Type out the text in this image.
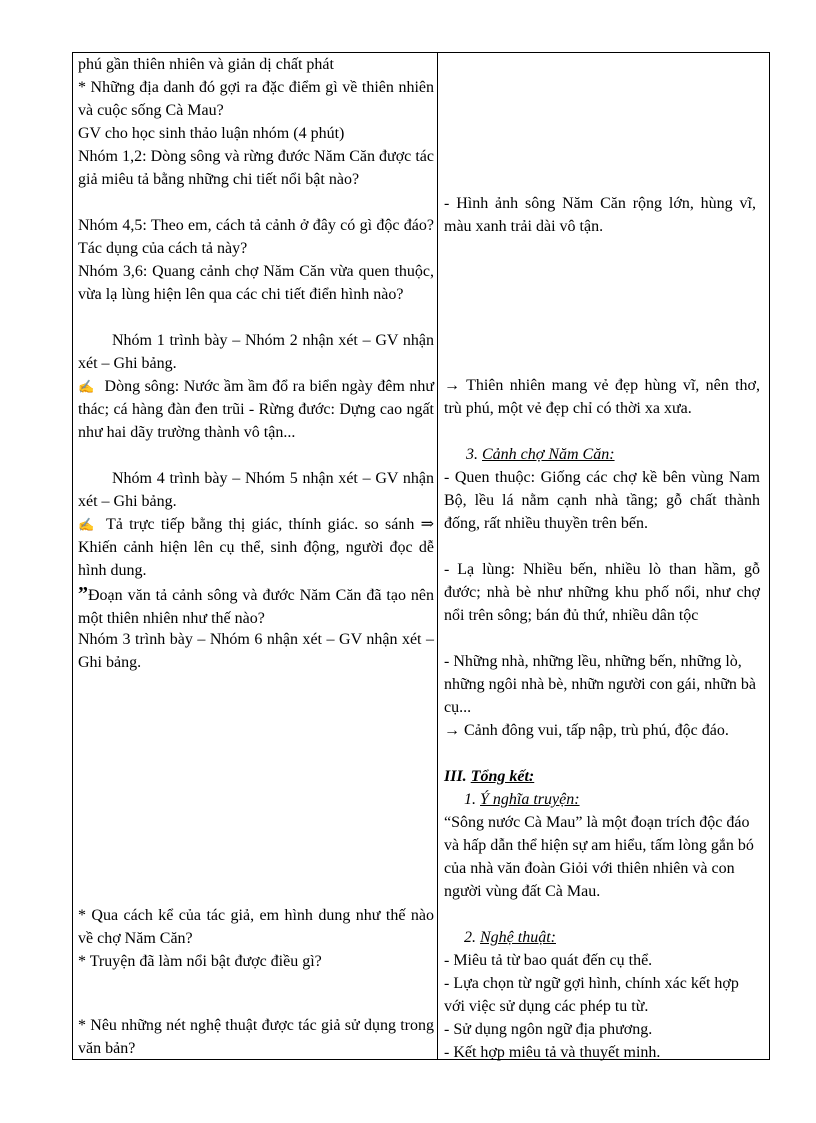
phú gần thiên nhiên và giản dị chất phát

* Những địa danh đó gợi ra đặc điểm gì về thiên nhiên và cuộc sống Cà Mau?

GV cho học sinh thảo luận nhóm (4 phút)

Nhóm 1,2: Dòng sông và rừng đước Năm Căn được tác giả miêu tả bằng những chi tiết nổi bật nào?

Nhóm 4,5: Theo em, cách tả cảnh ở đây có gì độc đáo? Tác dụng của cách tả này?

Nhóm 3,6: Quang cảnh chợ Năm Căn vừa quen thuộc, vừa lạ lùng hiện lên qua các chi tiết điển hình nào?

Nhóm 1 trình bày – Nhóm 2 nhận xét – GV nhận xét – Ghi bảng.

✍ Dòng sông: Nước ầm ầm đổ ra biển ngày đêm như thác; cá hàng đàn đen trũi - Rừng đước: Dựng cao ngất như hai dãy trường thành vô tận...

Nhóm 4 trình bày – Nhóm 5 nhận xét – GV nhận xét – Ghi bảng.

✍ Tả trực tiếp bằng thị giác, thính giác. so sánh ⇒ Khiến cảnh hiện lên cụ thể, sinh động, người đọc dễ hình dung.

”Đoạn văn tả cảnh sông và đước Năm Căn đã tạo nên một thiên nhiên như thế nào?

Nhóm 3 trình bày – Nhóm 6 nhận xét – GV nhận xét – Ghi bảng.

* Qua cách kể của tác giả, em hình dung như thế nào về chợ Năm Căn?

* Truyện đã làm nổi bật được điều gì?

* Nêu những nét nghệ thuật được tác giả sử dụng trong văn bản?

- Hình ảnh sông Năm Căn rộng lớn, hùng vĩ, màu xanh trải dài vô tận.

→ Thiên nhiên mang vẻ đẹp hùng vĩ, nên thơ, trù phú, một vẻ đẹp chỉ có thời xa xưa.

3. Cảnh chợ Năm Căn:

- Quen thuộc: Giống các chợ kề bên vùng Nam Bộ, lều lá nằm cạnh nhà tầng; gỗ chất thành đống, rất nhiều thuyền trên bến.

- Lạ lùng: Nhiều bến, nhiều lò than hầm, gỗ đước; nhà bè như những khu phố nổi, như chợ nổi trên sông; bán đủ thứ, nhiều dân tộc

- Những nhà, những lều, những bến, những lò, những ngôi nhà bè, nhữn người con gái, nhữn bà cụ...

→ Cảnh đông vui, tấp nập, trù phú, độc đáo.

III. Tổng kết:

1. Ý nghĩa truyện:

“Sông nước Cà Mau” là một đoạn trích độc đáo và hấp dẫn thể hiện sự am hiểu, tấm lòng gắn bó của nhà văn đoàn Giỏi với thiên nhiên và con người vùng đất Cà Mau.

2. Nghệ thuật:

- Miêu tả từ bao quát đến cụ thể.

- Lựa chọn từ ngữ gợi hình, chính xác kết hợp với việc sử dụng các phép tu từ.

- Sử dụng ngôn ngữ địa phương.

- Kết hợp miêu tả và thuyết minh.
